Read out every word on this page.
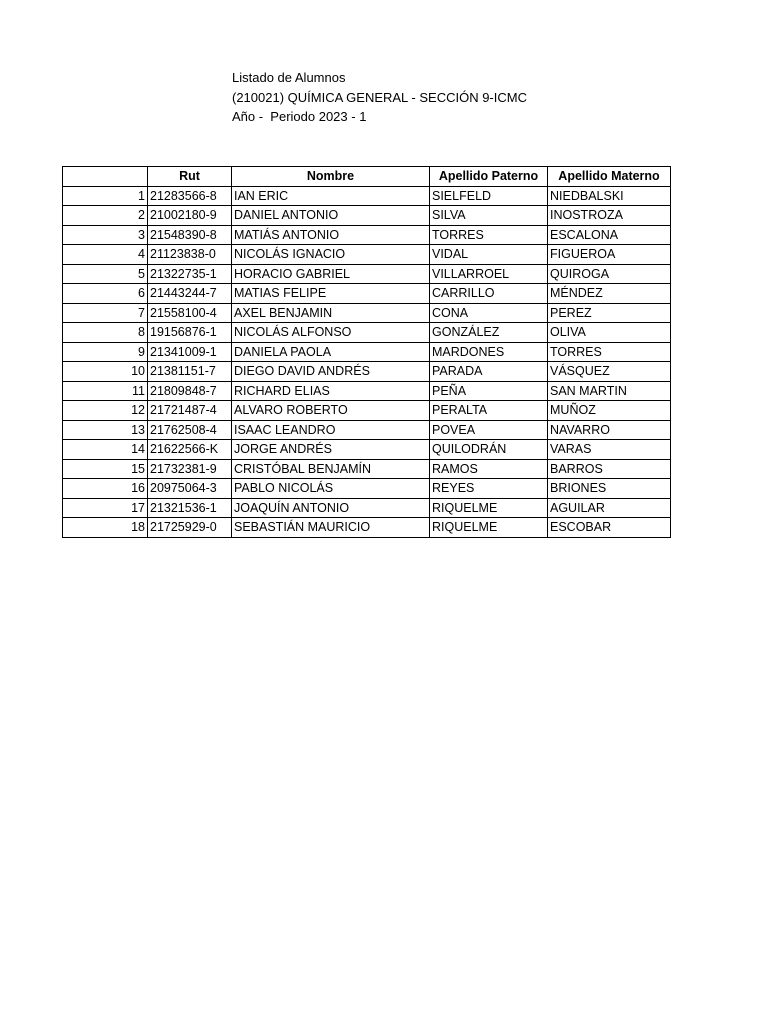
Listado de Alumnos
(210021) QUÍMICA GENERAL - SECCIÓN 9-ICMC
Año -  Periodo 2023 - 1
	Rut	Nombre	Apellido Paterno	Apellido Materno
1	21283566-8	IAN ERIC	SIELFELD	NIEDBALSKI
2	21002180-9	DANIEL ANTONIO	SILVA	INOSTROZA
3	21548390-8	MATIÁS ANTONIO	TORRES	ESCALONA
4	21123838-0	NICOLÁS IGNACIO	VIDAL	FIGUEROA
5	21322735-1	HORACIO GABRIEL	VILLARROEL	QUIROGA
6	21443244-7	MATIAS FELIPE	CARRILLO	MÉNDEZ
7	21558100-4	AXEL BENJAMIN	CONA	PEREZ
8	19156876-1	NICOLÁS ALFONSO	GONZÁLEZ	OLIVA
9	21341009-1	DANIELA PAOLA	MARDONES	TORRES
10	21381151-7	DIEGO DAVID ANDRÉS	PARADA	VÁSQUEZ
11	21809848-7	RICHARD ELIAS	PEÑA	SAN MARTIN
12	21721487-4	ALVARO ROBERTO	PERALTA	MUÑOZ
13	21762508-4	ISAAC LEANDRO	POVEA	NAVARRO
14	21622566-K	JORGE ANDRÉS	QUILODRÁN	VARAS
15	21732381-9	CRISTÓBAL BENJAMÍN	RAMOS	BARROS
16	20975064-3	PABLO NICOLÁS	REYES	BRIONES
17	21321536-1	JOAQUÍN ANTONIO	RIQUELME	AGUILAR
18	21725929-0	SEBASTIÁN MAURICIO	RIQUELME	ESCOBAR
